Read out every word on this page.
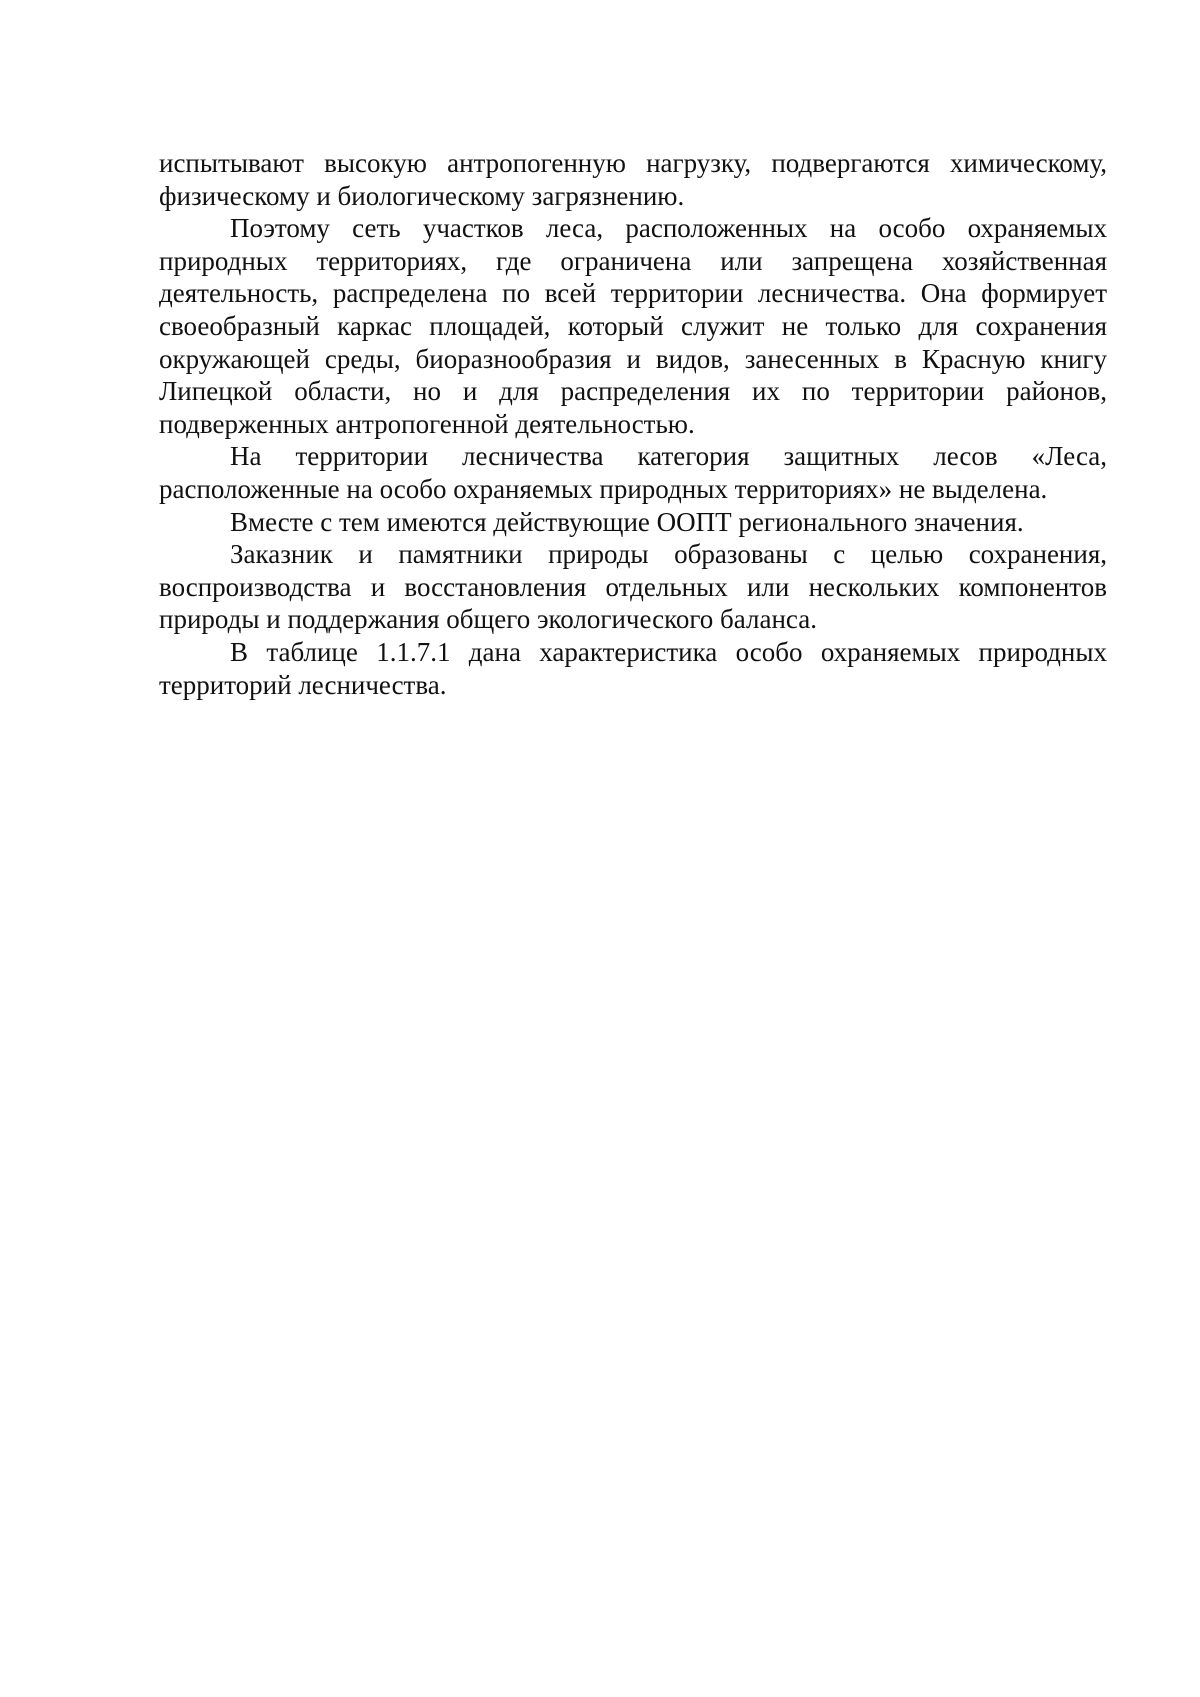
испытывают высокую антропогенную нагрузку, подвергаются химическому, физическому и биологическому загрязнению.

Поэтому сеть участков леса, расположенных на особо охраняемых природных территориях, где ограничена или запрещена хозяйственная деятельность, распределена по всей территории лесничества. Она формирует своеобразный каркас площадей, который служит не только для сохранения окружающей среды, биоразнообразия и видов, занесенных в Красную книгу Липецкой области, но и для распределения их по территории районов, подверженных антропогенной деятельностью.

На территории лесничества категория защитных лесов «Леса, расположенные на особо охраняемых природных территориях» не выделена.

Вместе с тем имеются действующие ООПТ регионального значения.

Заказник и памятники природы образованы с целью сохранения, воспроизводства и восстановления отдельных или нескольких компонентов природы и поддержания общего экологического баланса.

В таблице 1.1.7.1 дана характеристика особо охраняемых природных территорий лесничества.
